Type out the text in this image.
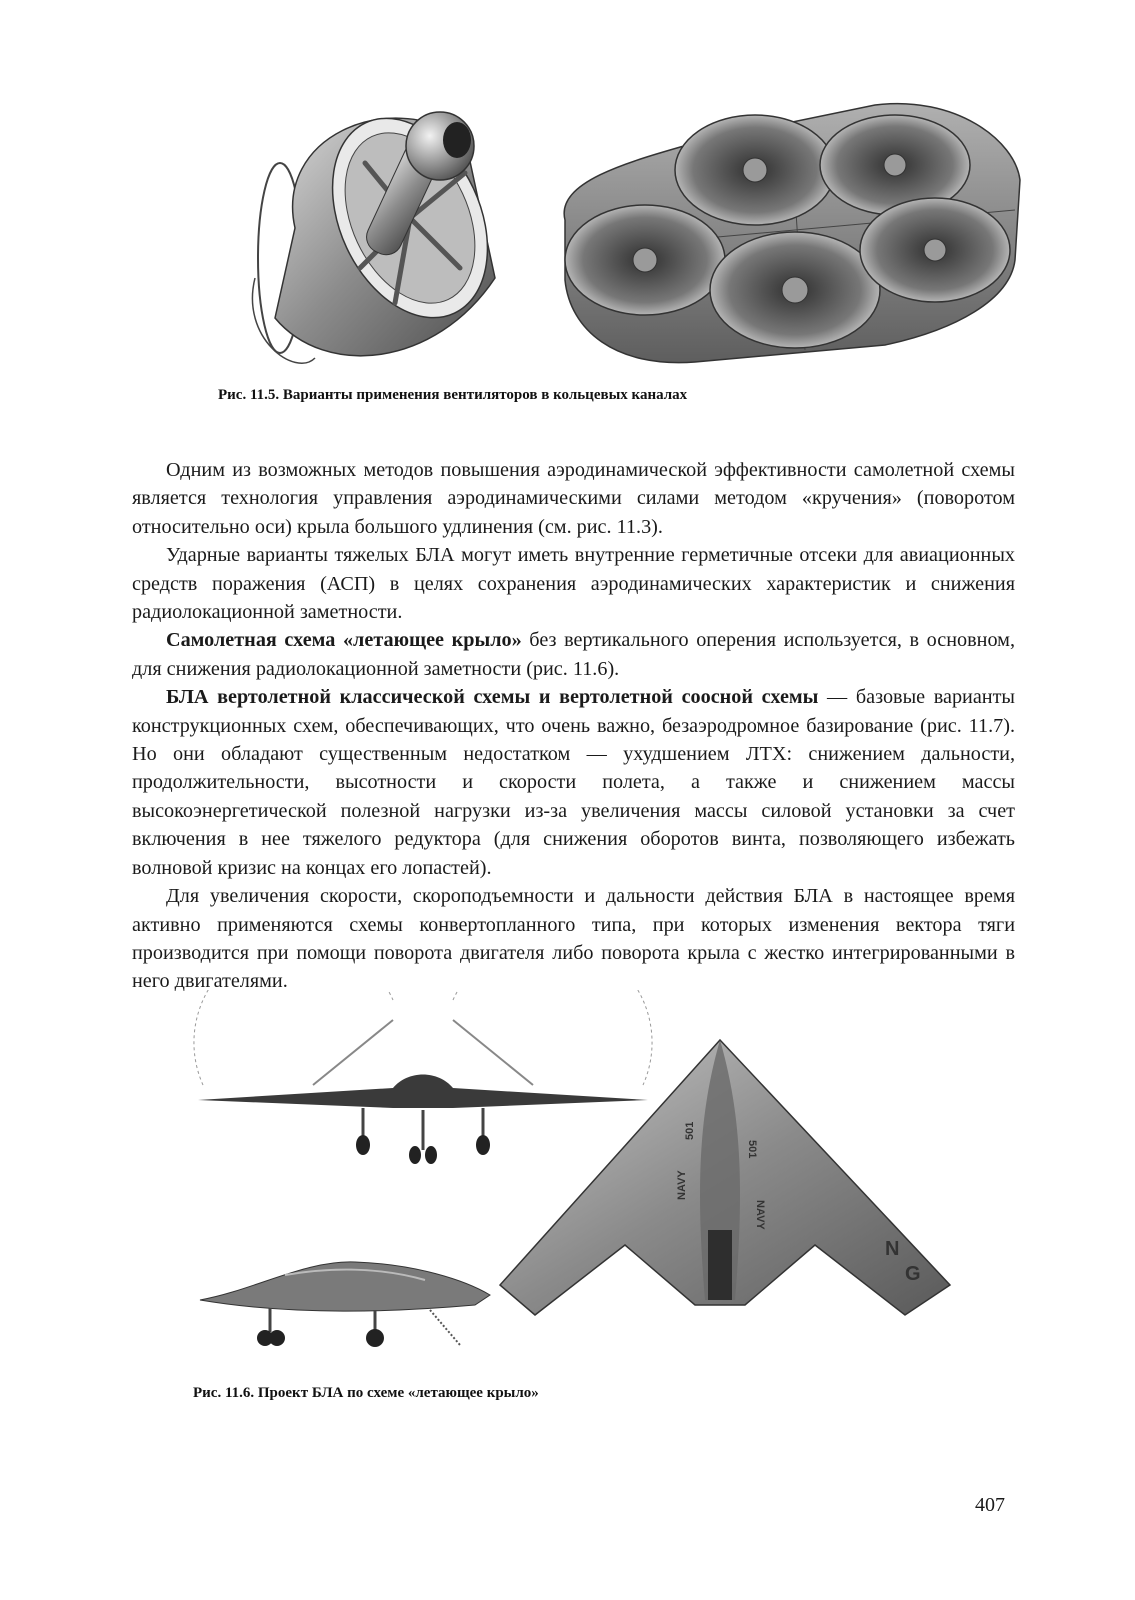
Рис. 11.5. Варианты применения вентиляторов в кольцевых каналах

Одним из возможных методов повышения аэродинамической эффективности самолетной схемы является технология управления аэродинамическими силами методом «кручения» (поворотом относительно оси) крыла большого удлинения (см. рис. 11.3).

Ударные варианты тяжелых БЛА могут иметь внутренние герметичные отсеки для авиационных средств поражения (АСП) в целях сохранения аэродинамических характеристик и снижения радиолокационной заметности.

Самолетная схема «летающее крыло» без вертикального оперения используется, в основном, для снижения радиолокационной заметности (рис. 11.6).

БЛА вертолетной классической схемы и вертолетной соосной схемы — базовые варианты конструкционных схем, обеспечивающих, что очень важно, безаэродромное базирование (рис. 11.7). Но они обладают существенным недостатком — ухудшением ЛТХ: снижением дальности, продолжительности, высотности и скорости полета, а также и снижением массы высокоэнергетической полезной нагрузки из-за увеличения массы силовой установки за счет включения в нее тяжелого редуктора (для снижения оборотов винта, позволяющего избежать волновой кризис на концах его лопастей).

Для увеличения скорости, скороподъемности и дальности действия БЛА в настоящее время активно применяются схемы конвертопланного типа, при которых изменения вектора тяги производится при помощи поворота двигателя либо поворота крыла с жестко интегрированными в него двигателями.

NAVY
NAVY
501
501
N
G
Рис. 11.6. Проект БЛА по схеме «летающее крыло»
407
